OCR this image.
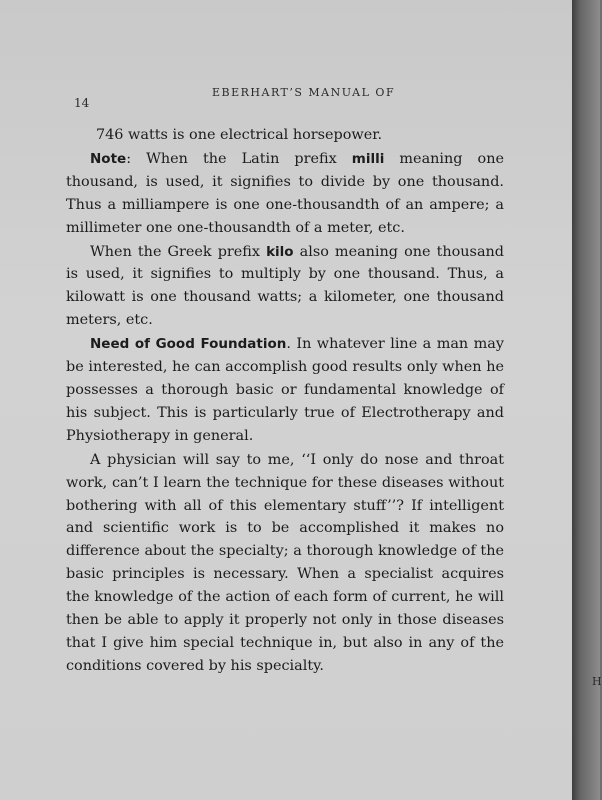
14
EBERHART’S MANUAL OF

746 watts is one electrical horsepower.

Note: When the Latin prefix milli meaning one thousand, is used, it signifies to divide by one thousand. Thus a milliampere is one one-thousandth of an ampere; a millimeter one one-thousandth of a meter, etc.

When the Greek prefix kilo also meaning one thousand is used, it signifies to multiply by one thousand. Thus, a kilowatt is one thousand watts; a kilometer, one thousand meters, etc.

Need of Good Foundation. In whatever line a man may be interested, he can accomplish good results only when he possesses a thorough basic or fundamental knowledge of his subject. This is particularly true of Electrotherapy and Physiotherapy in general.

A physician will say to me, ‘‘I only do nose and throat work, can’t I learn the technique for these diseases without bothering with all of this elementary stuff’’? If intelligent and scientific work is to be accomplished it makes no difference about the specialty; a thorough knowledge of the basic principles is necessary. When a specialist acquires the knowledge of the action of each form of current, he will then be able to apply it properly not only in those diseases that I give him special technique in, but also in any of the conditions covered by his specialty.

H
